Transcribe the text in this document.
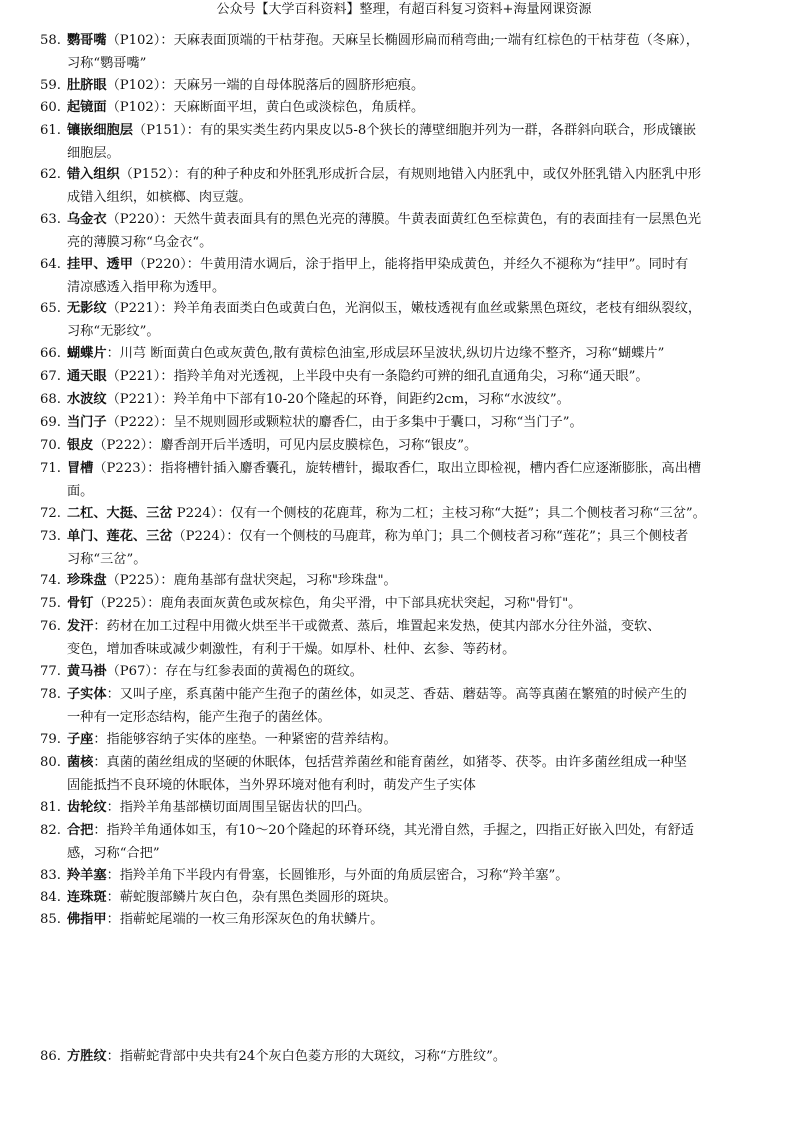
公众号【大学百科资料】整理，有超百科复习资料+海量网课资源
58. 鹦哥嘴（P102）：天麻表面顶端的干枯芽孢。天麻呈长椭圆形扁而稍弯曲;一端有红棕色的干枯芽苞（冬麻），
习称“鹦哥嘴”
59. 肚脐眼（P102）：天麻另一端的自母体脱落后的圆脐形疤痕。
60. 起镜面（P102）：天麻断面平坦，黄白色或淡棕色，角质样。
61. 镶嵌细胞层（P151）：有的果实类生药内果皮以5-8个狭长的薄壁细胞并列为一群，各群斜向联合，形成镶嵌
细胞层。
62. 错入组织（P152）：有的种子种皮和外胚乳形成折合层，有规则地错入内胚乳中，或仅外胚乳错入内胚乳中形
成错入组织，如槟榔、肉豆蔻。
63. 乌金衣（P220）：天然牛黄表面具有的黑色光亮的薄膜。牛黄表面黄红色至棕黄色，有的表面挂有一层黑色光
亮的薄膜习称“乌金衣“。
64. 挂甲、透甲（P220）：牛黄用清水调后，涂于指甲上，能将指甲染成黄色，并经久不褪称为“挂甲”。同时有
清凉感透入指甲称为透甲。
65. 无影纹（P221）：羚羊角表面类白色或黄白色，光润似玉，嫩枝透视有血丝或紫黑色斑纹，老枝有细纵裂纹，
习称“无影纹”。
66. 蝴蝶片：川芎 断面黄白色或灰黄色,散有黄棕色油室,形成层环呈波状,纵切片边缘不整齐，习称“蝴蝶片”
67. 通天眼（P221）：指羚羊角对光透视，上半段中央有一条隐约可辨的细孔直通角尖，习称“通天眼”。
68. 水波纹（P221）：羚羊角中下部有10-20个隆起的环脊，间距约2cm，习称“水波纹”。
69. 当门子（P222）：呈不规则圆形或颗粒状的麝香仁，由于多集中于囊口，习称“当门子”。
70. 银皮（P222）：麝香剖开后半透明，可见内层皮膜棕色，习称“银皮”。
71. 冒槽（P223）：指将槽针插入麝香囊孔，旋转槽针，撮取香仁，取出立即检视，槽内香仁应逐渐膨胀，高出槽
面。
72. 二杠、大挺、三岔 P224）：仅有一个侧枝的花鹿茸，称为二杠；主枝习称“大挺”；具二个侧枝者习称“三岔”。
73. 单门、莲花、三岔（P224）：仅有一个侧枝的马鹿茸，称为单门；具二个侧枝者习称“莲花”；具三个侧枝者
习称“三岔”。
74. 珍珠盘（P225）：鹿角基部有盘状突起，习称"珍珠盘"。
75. 骨钉（P225）：鹿角表面灰黄色或灰棕色，角尖平滑，中下部具疣状突起，习称"骨钉"。
76. 发汗：药材在加工过程中用微火烘至半干或微煮、蒸后，堆置起来发热，使其内部水分往外溢，变软、
变色，增加香味或减少刺激性，有利于干燥。如厚朴、杜仲、玄参、等药材。
77. 黄马褂（P67）：存在与红参表面的黄褐色的斑纹。
78. 子实体：又叫子座，系真菌中能产生孢子的菌丝体，如灵芝、香菇、蘑菇等。高等真菌在繁殖的时候产生的
一种有一定形态结构，能产生孢子的菌丝体。
79. 子座：指能够容纳子实体的座垫。一种紧密的营养结构。
80. 菌核：真菌的菌丝组成的坚硬的休眠体，包括营养菌丝和能育菌丝，如猪苓、茯苓。由许多菌丝组成一种坚
固能抵挡不良环境的休眠体，当外界环境对他有利时，萌发产生子实体
81. 齿轮纹：指羚羊角基部横切面周围呈锯齿状的凹凸。
82. 合把：指羚羊角通体如玉，有10～20个隆起的环脊环绕，其光滑自然，手握之，四指正好嵌入凹处，有舒适
感，习称“合把”
83. 羚羊塞：指羚羊角下半段内有骨塞，长圆锥形，与外面的角质层密合，习称“羚羊塞”。
84. 连珠斑：蕲蛇腹部鳞片灰白色，杂有黑色类圆形的斑块。
85. 佛指甲：指蕲蛇尾端的一枚三角形深灰色的角状鳞片。
86. 方胜纹：指蕲蛇背部中央共有24个灰白色菱方形的大斑纹，习称“方胜纹”。
